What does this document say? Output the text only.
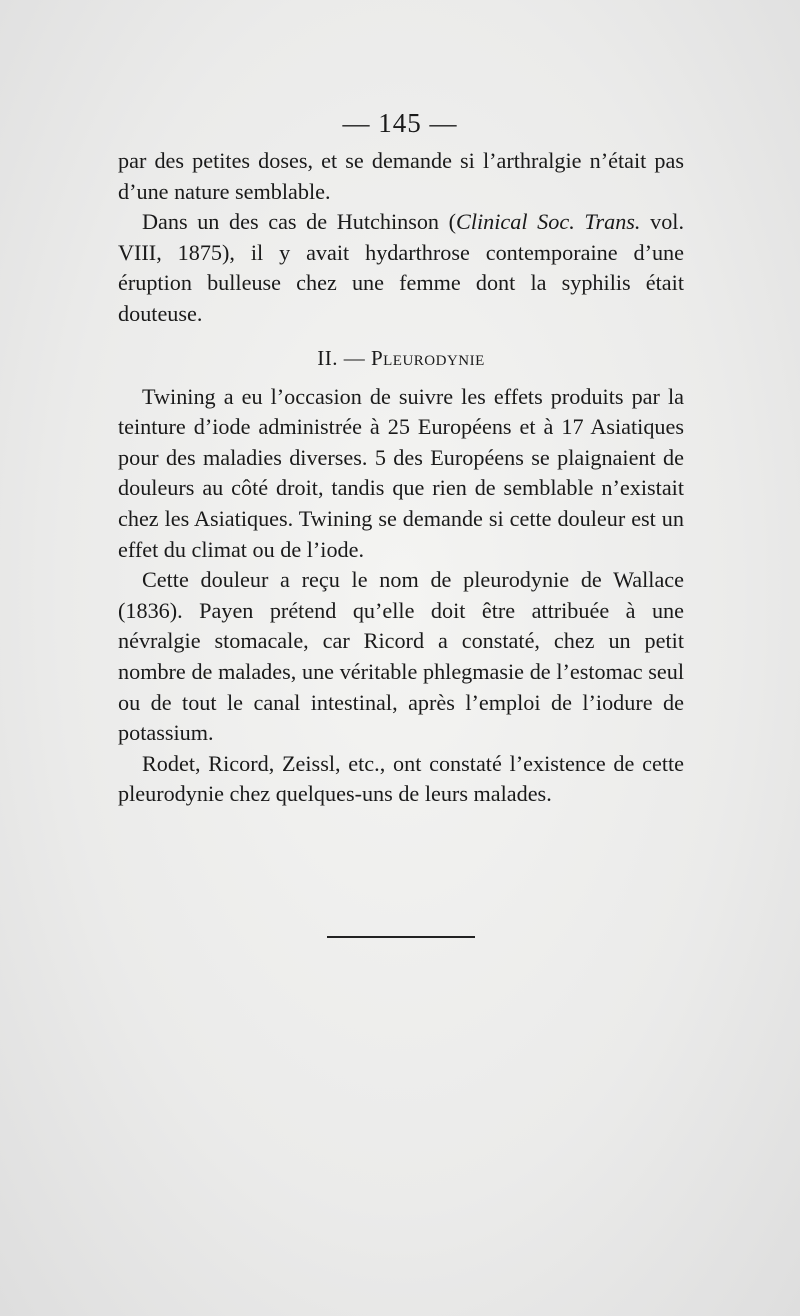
— 145 —

par des petites doses, et se demande si l’arthralgie n’était pas d’une nature semblable.

Dans un des cas de Hutchinson (Clinical Soc. Trans. vol. VIII, 1875), il y avait hydarthrose contemporaine d’une éruption bulleuse chez une femme dont la syphilis était douteuse.

II. — Pleurodynie

Twining a eu l’occasion de suivre les effets produits par la teinture d’iode administrée à 25 Européens et à 17 Asiatiques pour des maladies diverses. 5 des Européens se plaignaient de douleurs au côté droit, tandis que rien de semblable n’existait chez les Asiatiques. Twining se demande si cette douleur est un effet du climat ou de l’iode.

Cette douleur a reçu le nom de pleurodynie de Wallace (1836). Payen prétend qu’elle doit être attribuée à une névralgie stomacale, car Ricord a constaté, chez un petit nombre de malades, une véritable phlegmasie de l’estomac seul ou de tout le canal intestinal, après l’emploi de l’iodure de potassium.

Rodet, Ricord, Zeissl, etc., ont constaté l’existence de cette pleurodynie chez quelques-uns de leurs malades.
